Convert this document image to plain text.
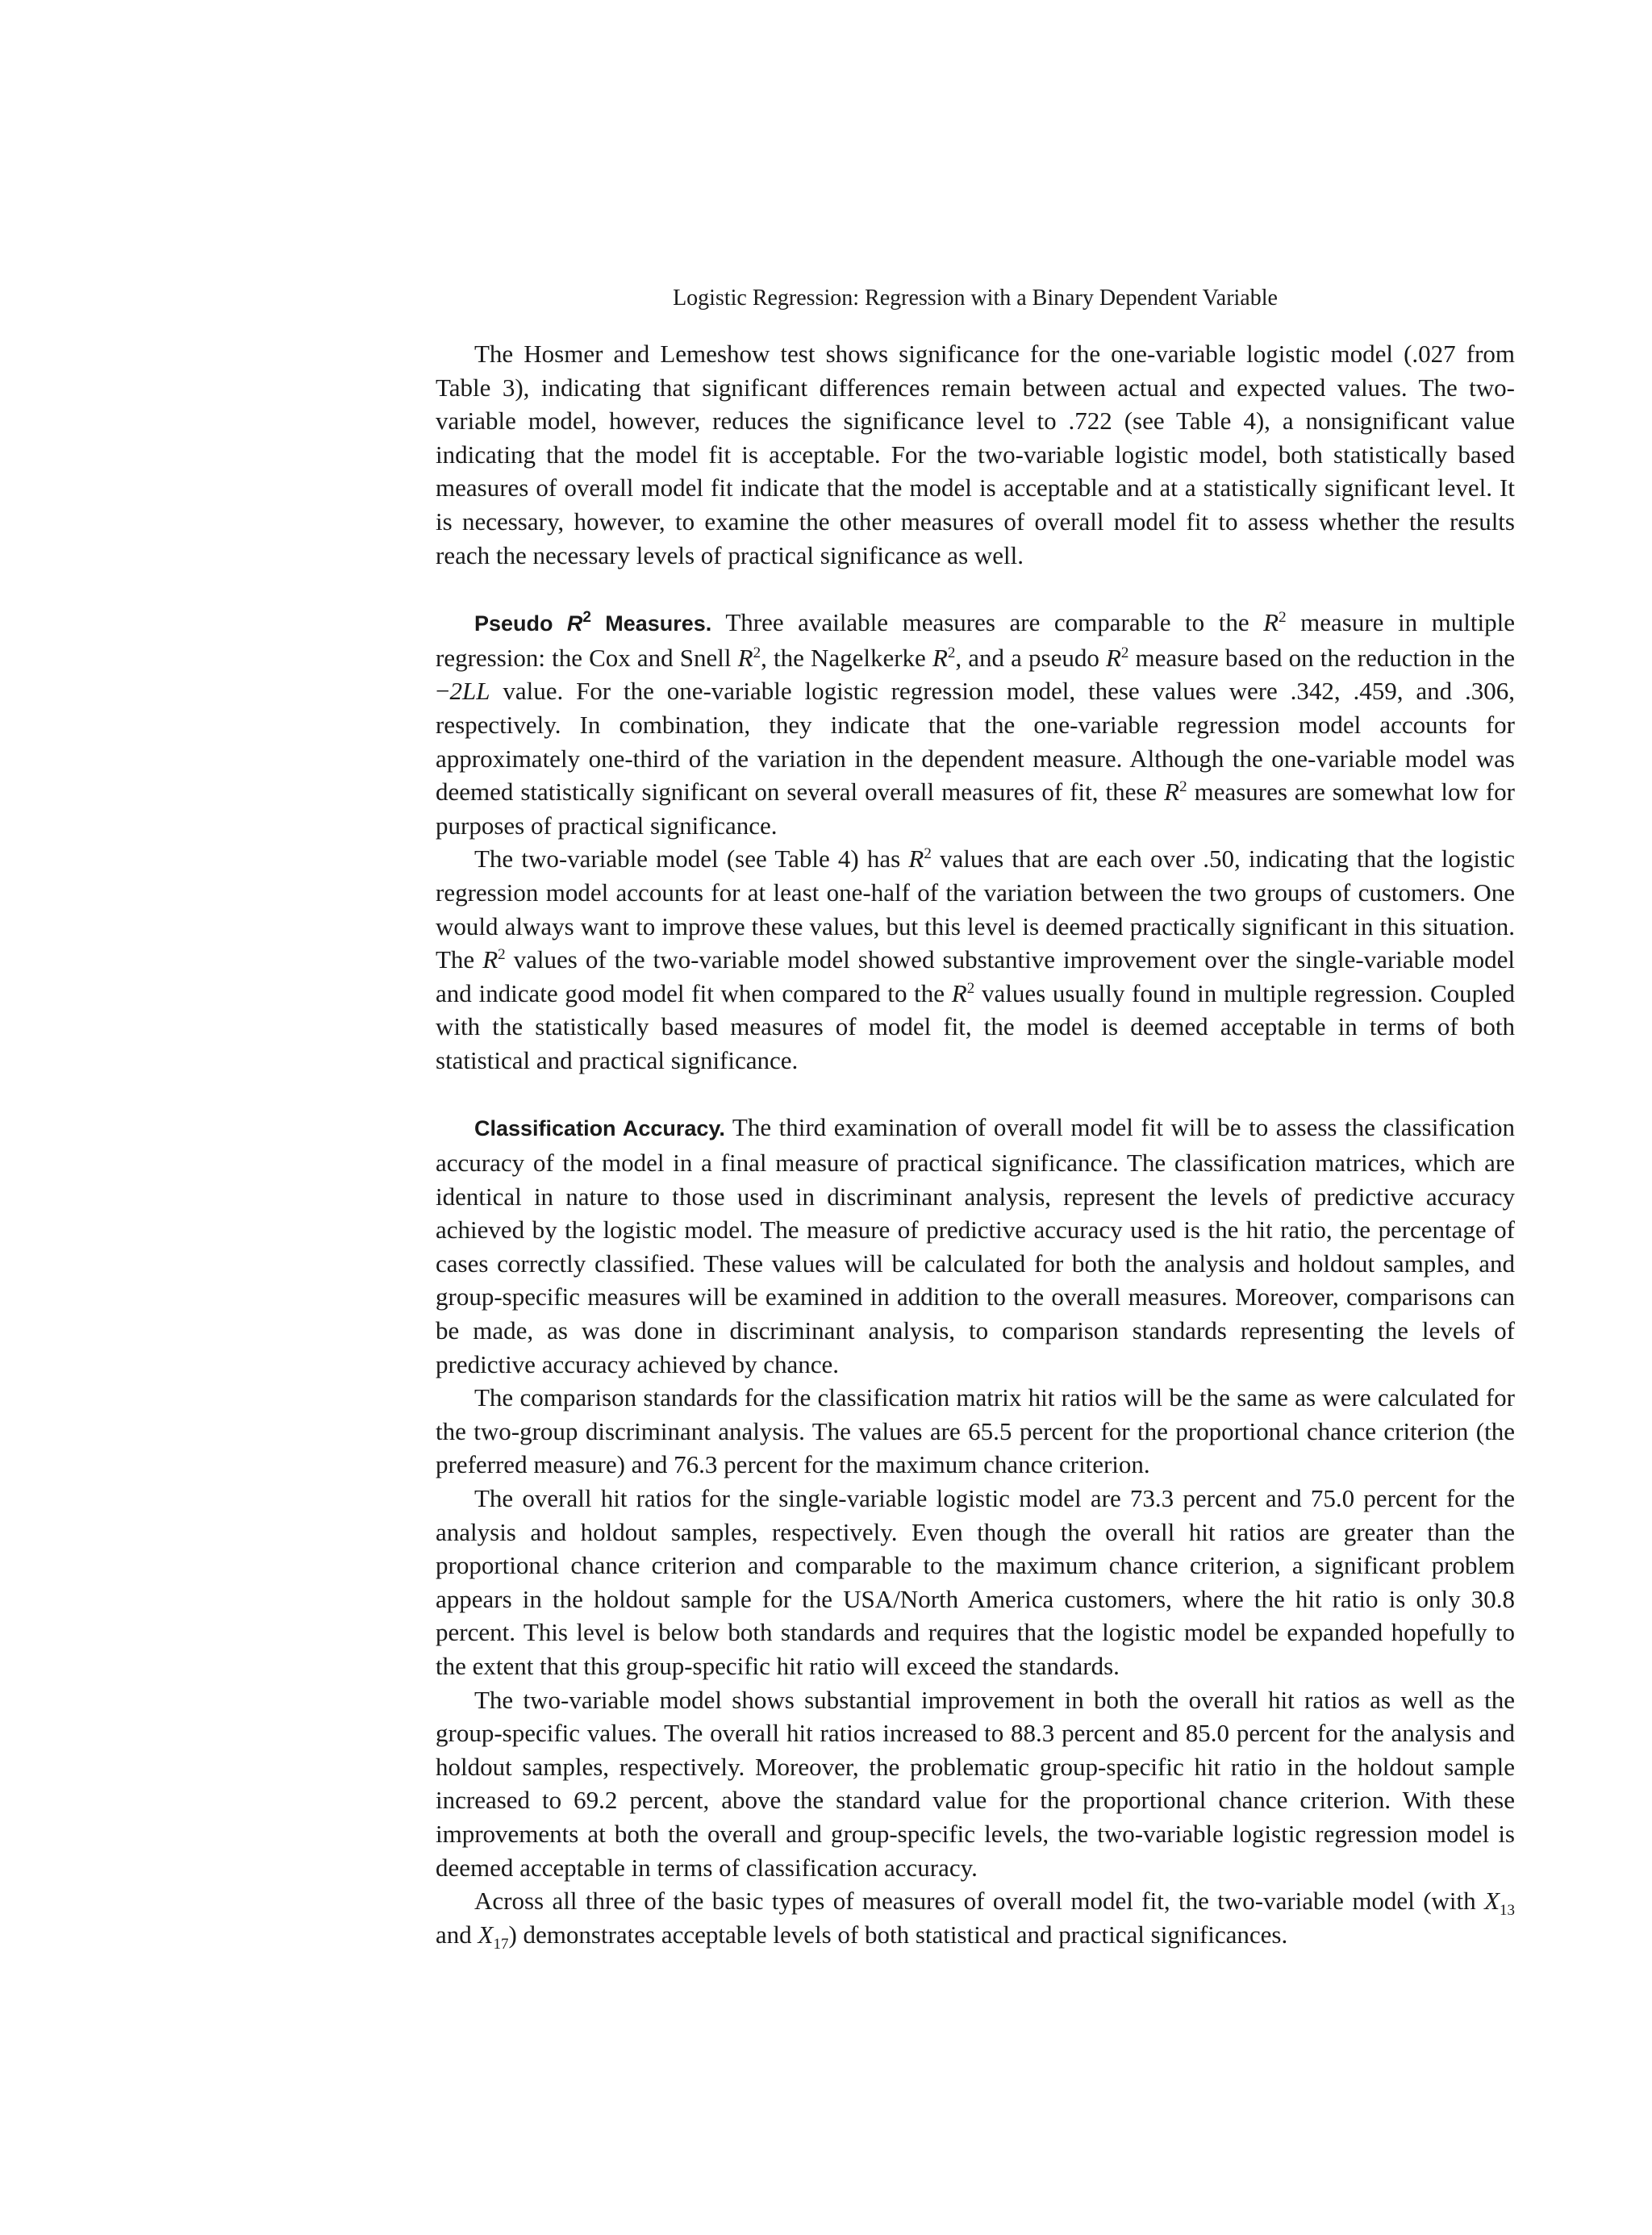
Logistic Regression: Regression with a Binary Dependent Variable

The Hosmer and Lemeshow test shows significance for the one-variable logistic model (.027 from Table 3), indicating that significant differences remain between actual and expected values. The two-variable model, however, reduces the significance level to .722 (see Table 4), a nonsignificant value indicating that the model fit is acceptable. For the two-variable logistic model, both statistically based measures of overall model fit indicate that the model is acceptable and at a statistically significant level. It is necessary, however, to examine the other measures of overall model fit to assess whether the results reach the necessary levels of practical significance as well.

Pseudo $R^2$ Measures. Three available measures are comparable to the $R^2$ measure in multiple regression: the Cox and Snell $R^2$, the Nagelkerke $R^2$, and a pseudo $R^2$ measure based on the reduction in the −2LL value. For the one-variable logistic regression model, these values were .342, .459, and .306, respectively. In combination, they indicate that the one-variable regression model accounts for approximately one-third of the variation in the dependent measure. Although the one-variable model was deemed statistically significant on several overall measures of fit, these $R^2$ measures are somewhat low for purposes of practical significance.

The two-variable model (see Table 4) has $R^2$ values that are each over .50, indicating that the logistic regression model accounts for at least one-half of the variation between the two groups of customers. One would always want to improve these values, but this level is deemed practically significant in this situation. The $R^2$ values of the two-variable model showed substantive improvement over the single-variable model and indicate good model fit when compared to the $R^2$ values usually found in multiple regression. Coupled with the statistically based measures of model fit, the model is deemed acceptable in terms of both statistical and practical significance.

Classification Accuracy. The third examination of overall model fit will be to assess the classification accuracy of the model in a final measure of practical significance. The classification matrices, which are identical in nature to those used in discriminant analysis, represent the levels of predictive accuracy achieved by the logistic model. The measure of predictive accuracy used is the hit ratio, the percentage of cases correctly classified. These values will be calculated for both the analysis and holdout samples, and group-specific measures will be examined in addition to the overall measures. Moreover, comparisons can be made, as was done in discriminant analysis, to comparison standards representing the levels of predictive accuracy achieved by chance.

The comparison standards for the classification matrix hit ratios will be the same as were calculated for the two-group discriminant analysis. The values are 65.5 percent for the proportional chance criterion (the preferred measure) and 76.3 percent for the maximum chance criterion.

The overall hit ratios for the single-variable logistic model are 73.3 percent and 75.0 percent for the analysis and holdout samples, respectively. Even though the overall hit ratios are greater than the proportional chance criterion and comparable to the maximum chance criterion, a significant problem appears in the holdout sample for the USA/North America customers, where the hit ratio is only 30.8 percent. This level is below both standards and requires that the logistic model be expanded hopefully to the extent that this group-specific hit ratio will exceed the standards.

The two-variable model shows substantial improvement in both the overall hit ratios as well as the group-specific values. The overall hit ratios increased to 88.3 percent and 85.0 percent for the analysis and holdout samples, respectively. Moreover, the problematic group-specific hit ratio in the holdout sample increased to 69.2 percent, above the standard value for the proportional chance criterion. With these improvements at both the overall and group-specific levels, the two-variable logistic regression model is deemed acceptable in terms of classification accuracy.

Across all three of the basic types of measures of overall model fit, the two-variable model (with $X_{13}$ and $X_{17}$) demonstrates acceptable levels of both statistical and practical significances.
